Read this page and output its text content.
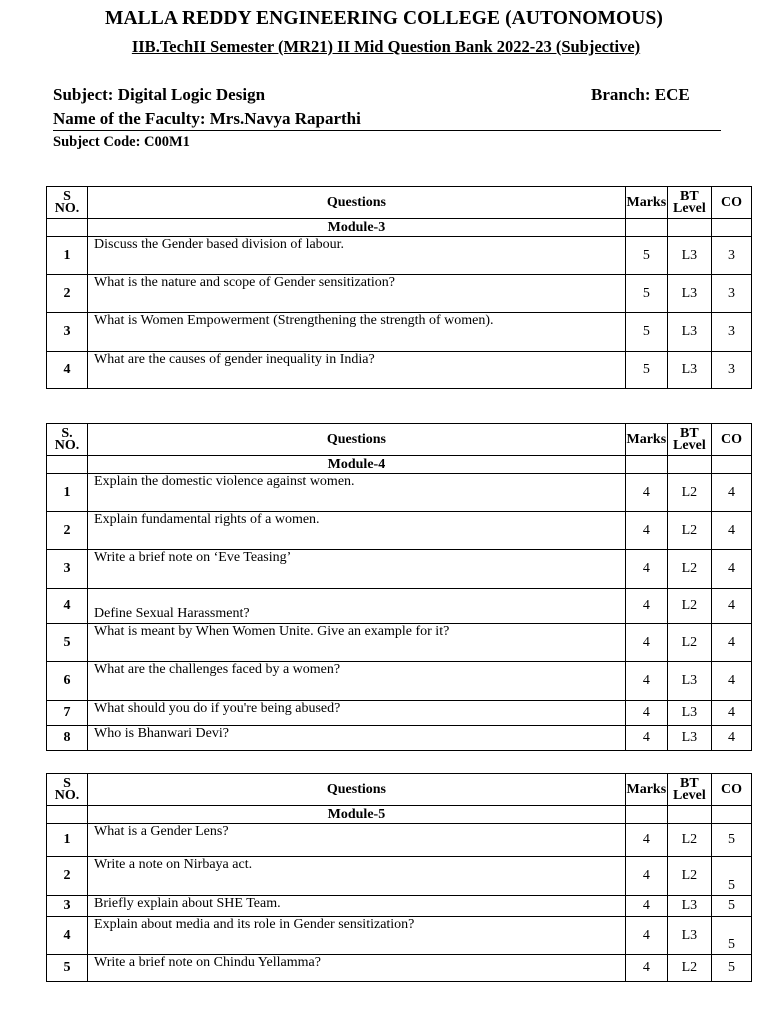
MALLA REDDY ENGINEERING COLLEGE (AUTONOMOUS)
IIB.TechII Semester (MR21) II Mid Question Bank 2022-23 (Subjective)
Subject: Digital Logic Design	Branch: ECE
Name of the Faculty: Mrs.Navya Raparthi
Subject Code: C00M1
S
NO.	Questions	Marks	BT
Level	CO
	Module-3			
1	Discuss the Gender based division of labour.	5	L3	3
2	What is the nature and scope of Gender sensitization?	5	L3	3
3	What is Women Empowerment (Strengthening the strength of women).	5	L3	3
4	What are the causes of gender inequality in India?	5	L3	3
S.
NO.	Questions	Marks	BT
Level	CO
	Module-4			
1	Explain the domestic violence against women.	4	L2	4
2	Explain fundamental rights of a women.	4	L2	4
3	Write a brief note on ‘Eve Teasing’	4	L2	4
4	Define Sexual Harassment?	4	L2	4
5	What is meant by When Women Unite. Give an example for it?	4	L2	4
6	What are the challenges faced by a women?	4	L3	4
7	What should you do if you're being abused?	4	L3	4
8	Who is Bhanwari Devi?	4	L3	4
S
NO.	Questions	Marks	BT
Level	CO
	Module-5			
1	What is a Gender Lens?	4	L2	5
2	Write a note on Nirbaya act.	4	L2	5
3	Briefly explain about SHE Team.	4	L3	5
4	Explain about media and its role in Gender sensitization?	4	L3	5
5	Write a brief note on Chindu Yellamma?	4	L2	5
